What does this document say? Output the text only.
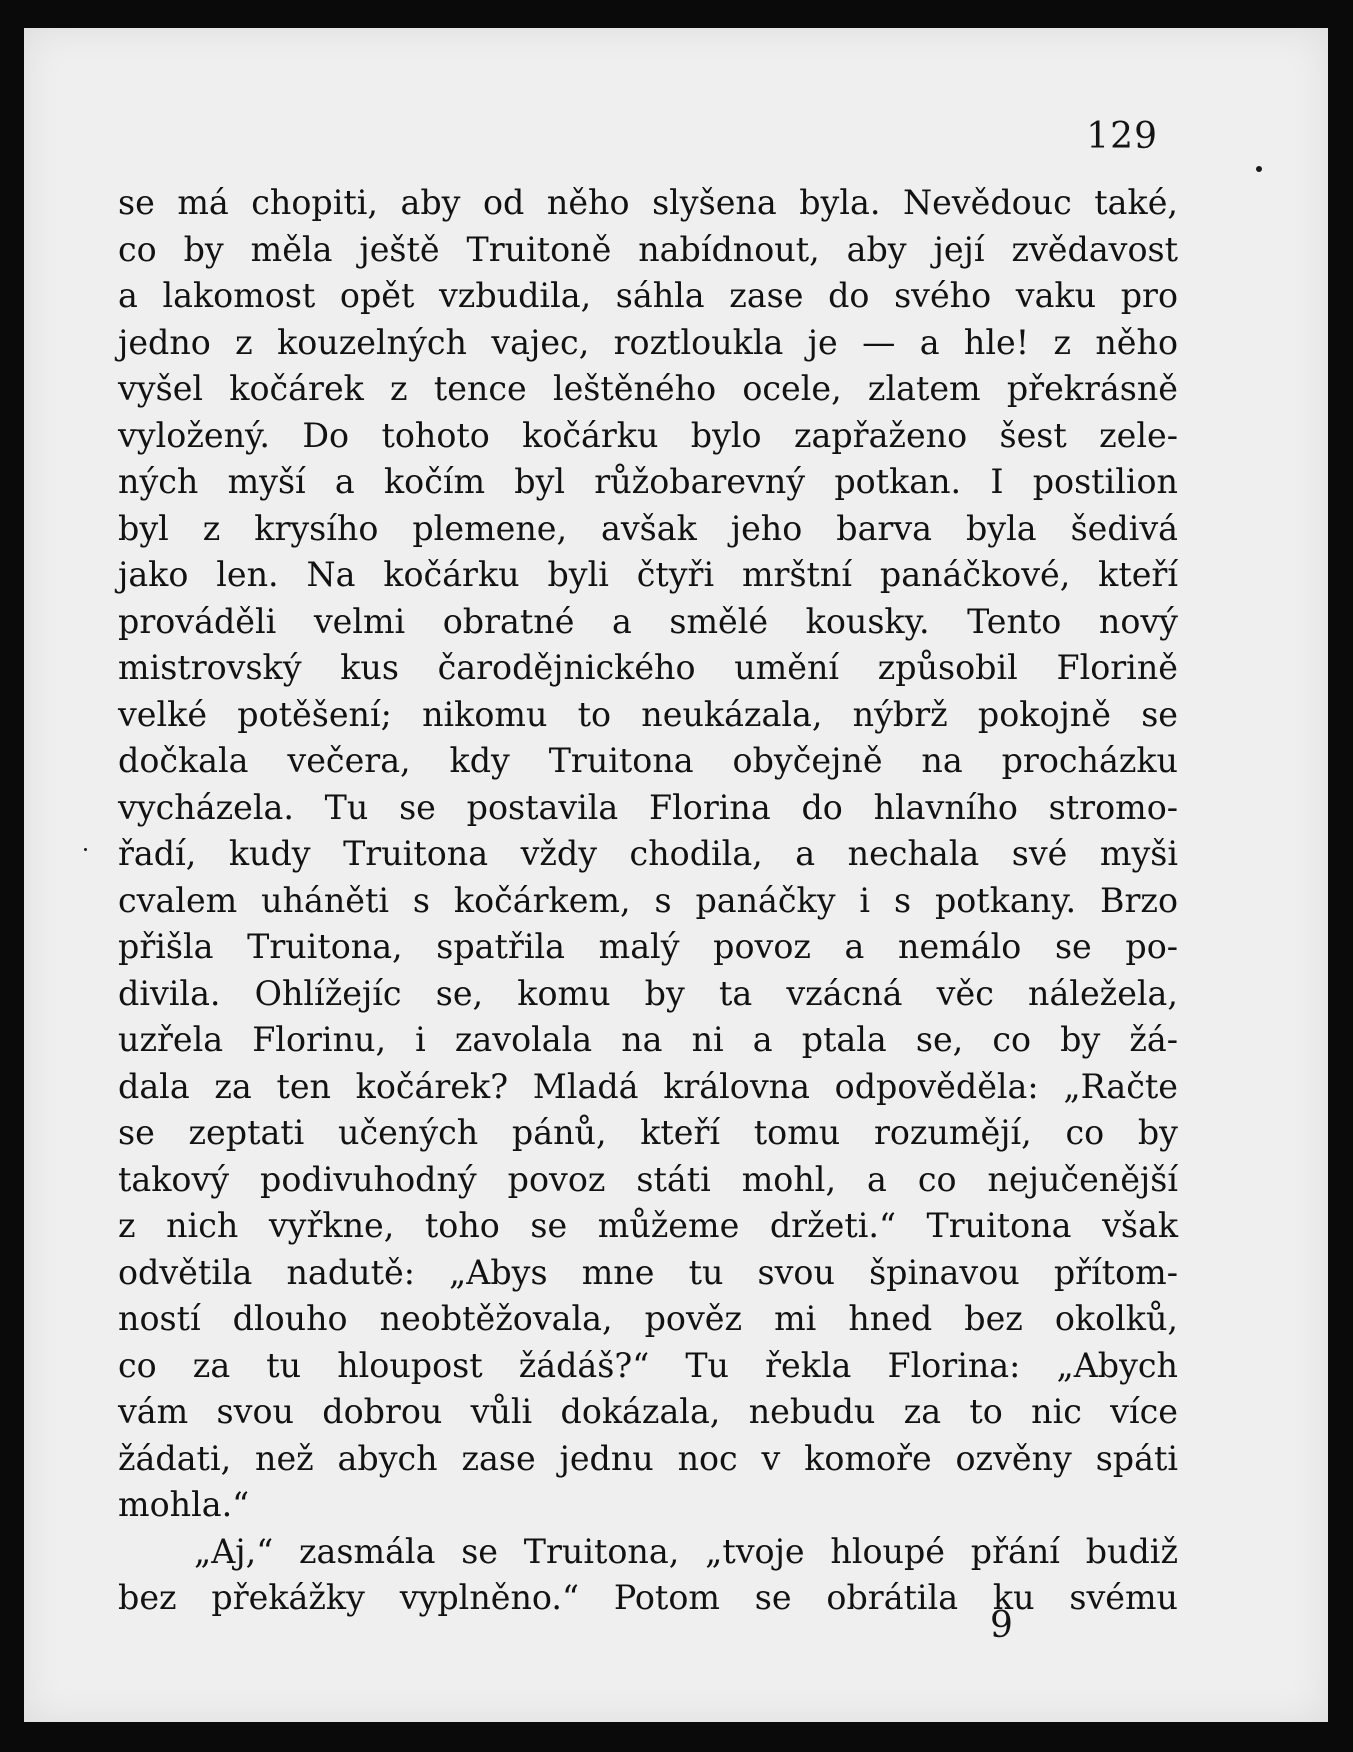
129
se má chopiti, aby od něho slyšena byla. Nevědouc také,
co by měla ještě Truitoně nabídnout, aby její zvědavost
a lakomost opět vzbudila, sáhla zase do svého vaku pro
jedno z kouzelných vajec, roztloukla je — a hle! z něho
vyšel kočárek z tence leštěného ocele, zlatem překrásně
vyložený. Do tohoto kočárku bylo zapřaženo šest zele-
ných myší a kočím byl růžobarevný potkan. I postilion
byl z krysího plemene, avšak jeho barva byla šedivá
jako len. Na kočárku byli čtyři mrštní panáčkové, kteří
prováděli velmi obratné a smělé kousky. Tento nový
mistrovský kus čarodějnického umění způsobil Florině
velké potěšení; nikomu to neukázala, nýbrž pokojně se
dočkala večera, kdy Truitona obyčejně na procházku
vycházela. Tu se postavila Florina do hlavního stromo-
řadí, kudy Truitona vždy chodila, a nechala své myši
cvalem uháněti s kočárkem, s panáčky i s potkany. Brzo
přišla Truitona, spatřila malý povoz a nemálo se po-
divila. Ohlížejíc se, komu by ta vzácná věc náležela,
uzřela Florinu, i zavolala na ni a ptala se, co by žá-
dala za ten kočárek? Mladá královna odpověděla: „Račte
se zeptati učených pánů, kteří tomu rozumějí, co by
takový podivuhodný povoz státi mohl, a co nejučenější
z nich vyřkne, toho se můžeme držeti.“ Truitona však
odvětila nadutě: „Abys mne tu svou špinavou přítom-
ností dlouho neobtěžovala, pověz mi hned bez okolků,
co za tu hloupost žádáš?“ Tu řekla Florina: „Abych
vám svou dobrou vůli dokázala, nebudu za to nic více
žádati, než abych zase jednu noc v komoře ozvěny spáti
mohla.“
„Aj,“ zasmála se Truitona, „tvoje hloupé přání budiž
bez překážky vyplněno.“ Potom se obrátila ku svému
9
